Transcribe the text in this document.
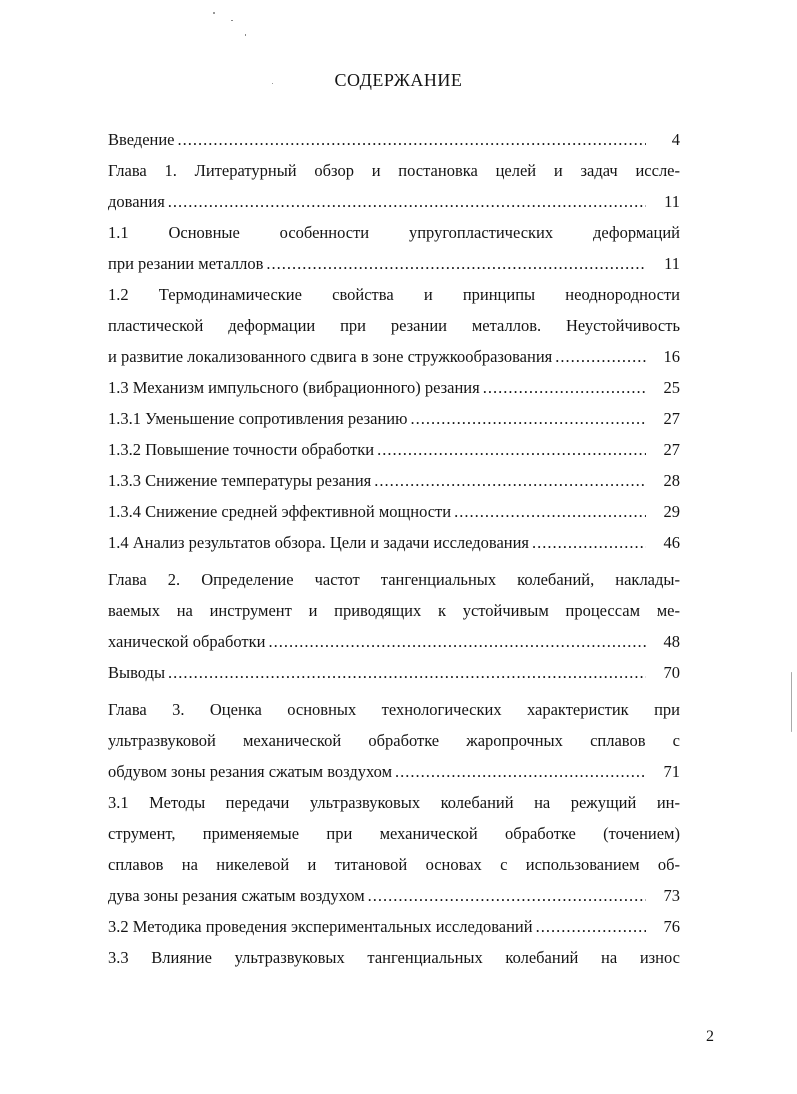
СОДЕРЖАНИЕ
Введение .....	4
Глава 1. Литературный обзор и постановка целей и задач иссле-
дования .....	11
1.1 Основные особенности упругопластических деформаций
при резании металлов .....	11
1.2 Термодинамические свойства и принципы неоднородности
пластической деформации при резании металлов. Неустойчивость
и развитие локализованного сдвига в зоне стружкообразования .....	16
1.3 Механизм импульсного (вибрационного) резания .....	25
1.3.1 Уменьшение сопротивления резанию .....	27
1.3.2 Повышение точности обработки .....	27
1.3.3 Снижение температуры резания .....	28
1.3.4 Снижение средней эффективной мощности .....	29
1.4 Анализ результатов обзора. Цели и задачи исследования .....	46
Глава 2. Определение частот тангенциальных колебаний, наклады-
ваемых на инструмент и приводящих к устойчивым процессам ме-
ханической обработки .....	48
Выводы .....	70
Глава 3. Оценка основных технологических характеристик при
ультразвуковой механической обработке жаропрочных сплавов с
обдувом зоны резания сжатым воздухом .....	71
3.1 Методы передачи ультразвуковых колебаний на режущий ин-
струмент, применяемые при механической обработке (точением)
сплавов на никелевой и титановой основах с использованием об-
дува зоны резания сжатым воздухом .....	73
3.2 Методика проведения экспериментальных исследований .....	76
3.3 Влияние ультразвуковых тангенциальных колебаний на износ
2
